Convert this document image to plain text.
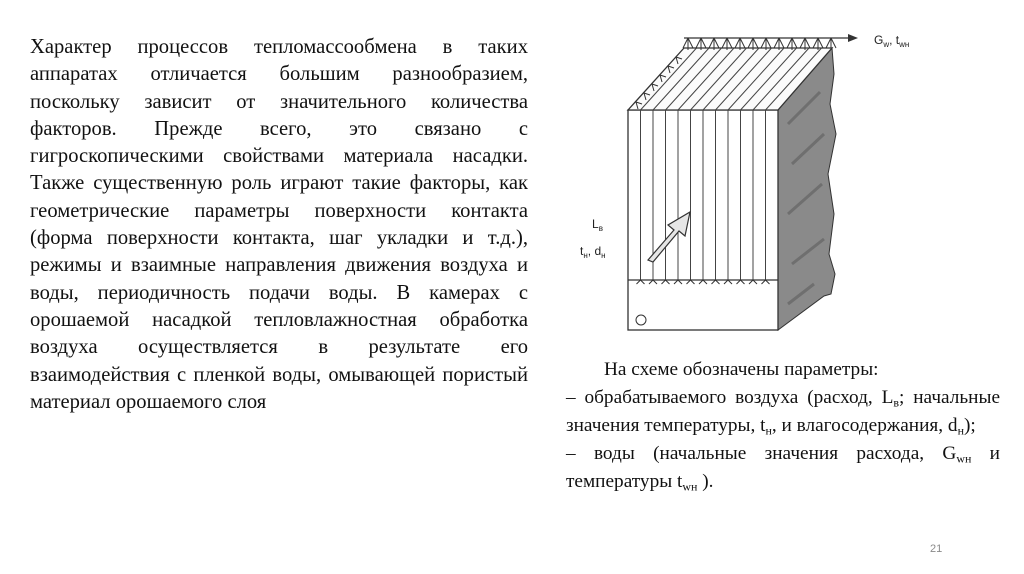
Характер процессов тепломассообмена в таких аппаратах отличается большим разнообразием, поскольку зависит от значительного количества факторов. Прежде всего, это связано с гигроскопическими свойствами материала насадки. Также существенную роль играют такие факторы, как геометрические параметры поверхности контакта (форма поверхности контакта, шаг укладки и т.д.), режимы и взаимные направления движения воздуха и воды, периодичность подачи воды. В камерах с орошаемой насадкой тепловлажностная обработка воздуха осуществляется в результате его взаимодействия с пленкой воды, омывающей пористый материал орошаемого слоя

$G_w$, $t_{wн}$
$L_в$
$t_н$, $d_н$

На схеме обозначены параметры:

– обрабатываемого воздуха (расход, $L_в$; начальные значения температуры, $t_н$, и влагосодержания, $d_н$);

– воды (начальные значения расхода, $G_{wн}$ и температуры $t_{wн}$ ).

21
